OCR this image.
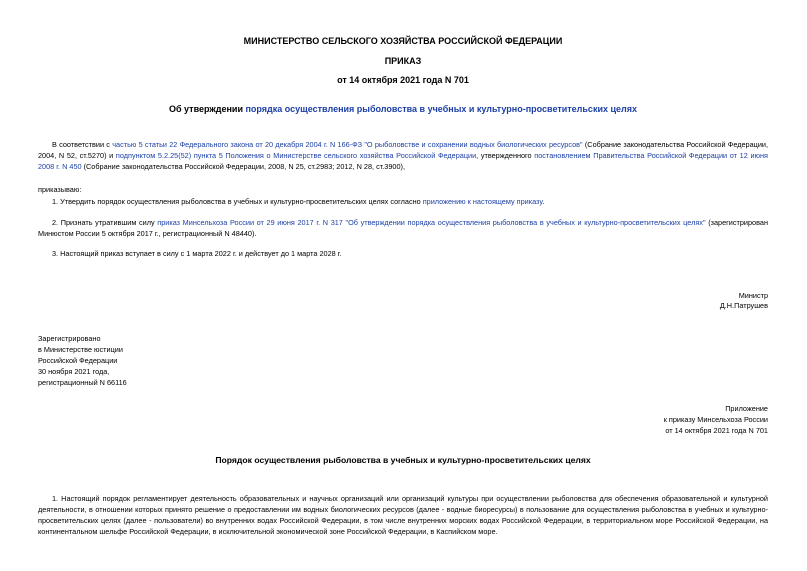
МИНИСТЕРСТВО СЕЛЬСКОГО ХОЗЯЙСТВА РОССИЙСКОЙ ФЕДЕРАЦИИ
ПРИКАЗ
от 14 октября 2021 года N 701
Об утверждении порядка осуществления рыболовства в учебных и культурно-просветительских целях
В соответствии с частью 5 статьи 22 Федерального закона от 20 декабря 2004 г. N 166-ФЗ "О рыболовстве и сохранении водных биологических ресурсов" (Собрание законодательства Российской Федерации, 2004, N 52, ст.5270) и подпунктом 5.2.25(52) пункта 5 Положения о Министерстве сельского хозяйства Российской Федерации, утвержденного постановлением Правительства Российской Федерации от 12 июня 2008 г. N 450 (Собрание законодательства Российской Федерации, 2008, N 25, ст.2983; 2012, N 28, ст.3900),
приказываю:
1. Утвердить порядок осуществления рыболовства в учебных и культурно-просветительских целях согласно приложению к настоящему приказу.
2. Признать утратившим силу приказ Минсельхоза России от 29 июня 2017 г. N 317 "Об утверждении порядка осуществления рыболовства в учебных и культурно-просветительских целях" (зарегистрирован Минюстом России 5 октября 2017 г., регистрационный N 48440).
3. Настоящий приказ вступает в силу с 1 марта 2022 г. и действует до 1 марта 2028 г.
Министр
Д.Н.Патрушев

Зарегистрировано

в Министерстве юстиции

Российской Федерации

30 ноября 2021 года,

регистрационный N 66116

Приложение

к приказу Минсельхоза России

от 14 октября 2021 года N 701

Порядок осуществления рыболовства в учебных и культурно-просветительских целях
1. Настоящий порядок регламентирует деятельность образовательных и научных организаций или организаций культуры при осуществлении рыболовства для обеспечения образовательной и культурной деятельности, в отношении которых принято решение о предоставлении им водных биологических ресурсов (далее - водные биоресурсы) в пользование для осуществления рыболовства в учебных и культурно-просветительских целях (далее - пользователи) во внутренних водах Российской Федерации, в том числе внутренних морских водах Российской Федерации, в территориальном море Российской Федерации, на континентальном шельфе Российской Федерации, в исключительной экономической зоне Российской Федерации, в Каспийском море.
